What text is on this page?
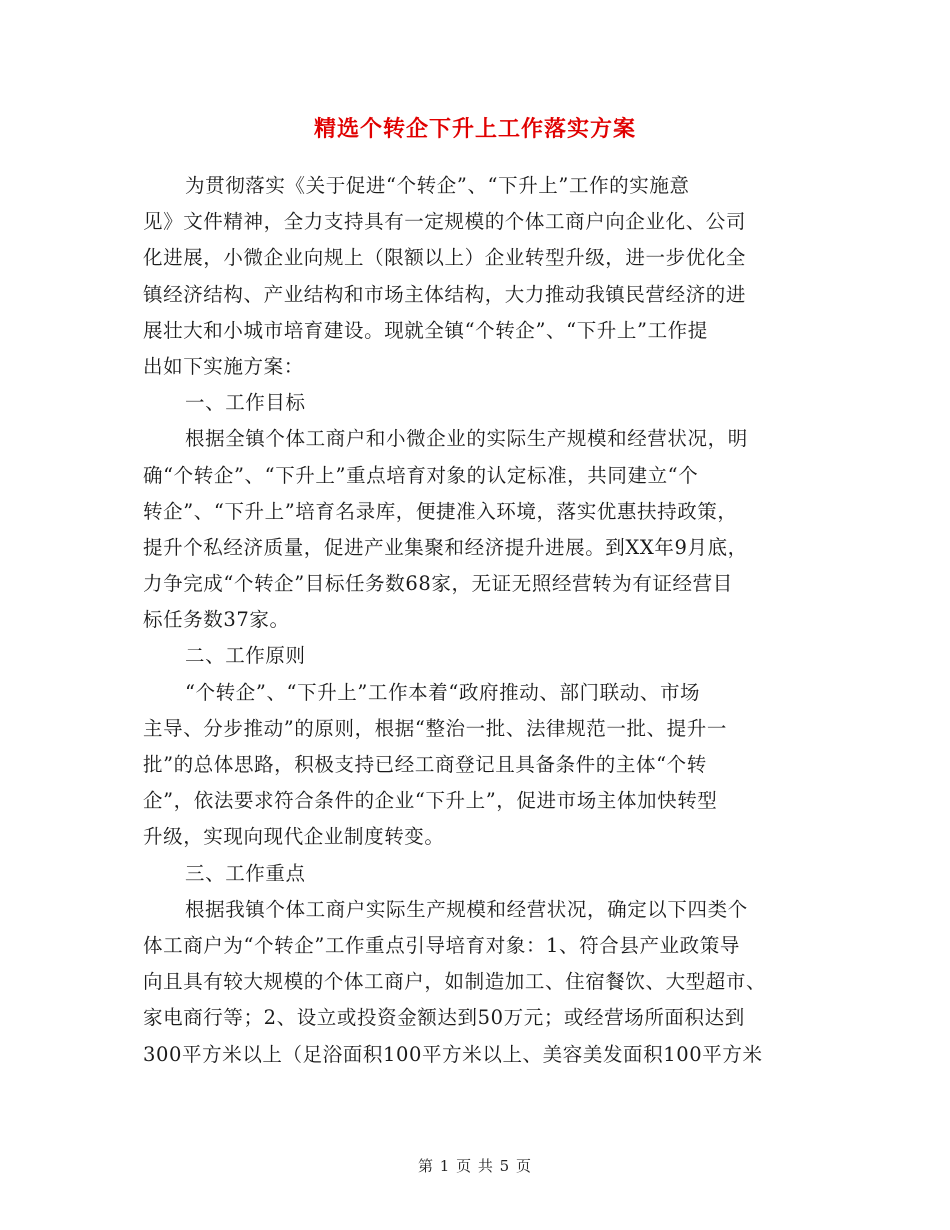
精选个转企下升上工作落实方案
为贯彻落实《关于促进“个转企”、“下升上”工作的实施意
见》文件精神，全力支持具有一定规模的个体工商户向企业化、公司
化进展，小微企业向规上（限额以上）企业转型升级，进一步优化全
镇经济结构、产业结构和市场主体结构，大力推动我镇民营经济的进
展壮大和小城市培育建设。现就全镇“个转企”、“下升上”工作提
出如下实施方案：
一、工作目标
根据全镇个体工商户和小微企业的实际生产规模和经营状况，明
确“个转企”、“下升上”重点培育对象的认定标准，共同建立“个
转企”、“下升上”培育名录库，便捷准入环境，落实优惠扶持政策，
提升个私经济质量，促进产业集聚和经济提升进展。到XX年9月底，
力争完成“个转企”目标任务数68家，无证无照经营转为有证经营目
标任务数37家。
二、工作原则
“个转企”、“下升上”工作本着“政府推动、部门联动、市场
主导、分步推动”的原则，根据“整治一批、法律规范一批、提升一
批”的总体思路，积极支持已经工商登记且具备条件的主体“个转
企”，依法要求符合条件的企业“下升上”，促进市场主体加快转型
升级，实现向现代企业制度转变。
三、工作重点
根据我镇个体工商户实际生产规模和经营状况，确定以下四类个
体工商户为“个转企”工作重点引导培育对象：1、符合县产业政策导
向且具有较大规模的个体工商户，如制造加工、住宿餐饮、大型超市、
家电商行等；2、设立或投资金额达到50万元；或经营场所面积达到
300平方米以上（足浴面积100平方米以上、美容美发面积100平方米
第 1 页 共 5 页
